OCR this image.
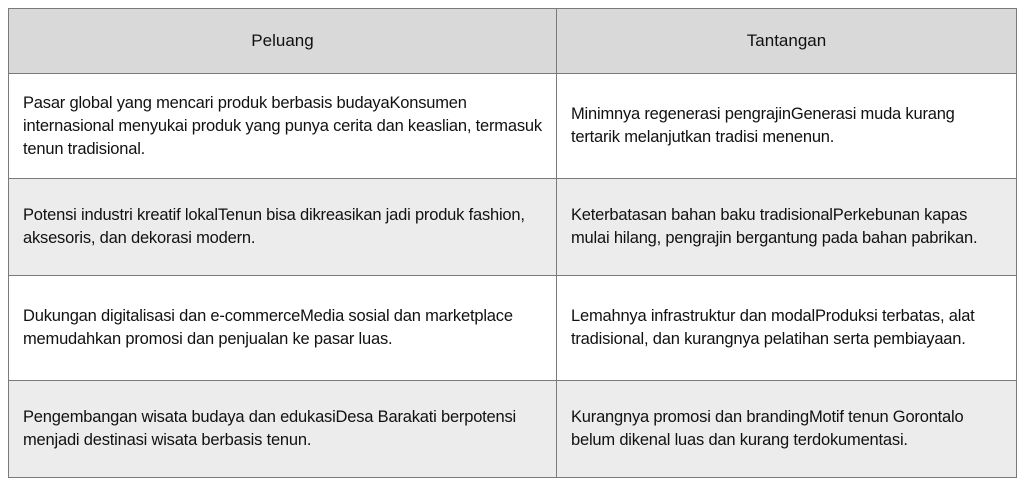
Peluang	Tantangan
Pasar global yang mencari produk berbasis budayaKonsumen internasional menyukai produk yang punya cerita dan keaslian, termasuk tenun tradisional.	Minimnya regenerasi pengrajinGenerasi muda kurang tertarik melanjutkan tradisi menenun.
Potensi industri kreatif lokalTenun bisa dikreasikan jadi produk fashion, aksesoris, dan dekorasi modern.	Keterbatasan bahan baku tradisionalPerkebunan kapas mulai hilang, pengrajin bergantung pada bahan pabrikan.
Dukungan digitalisasi dan e-commerceMedia sosial dan marketplace memudahkan promosi dan penjualan ke pasar luas.	Lemahnya infrastruktur dan modalProduksi terbatas, alat tradisional, dan kurangnya pelatihan serta pembiayaan.
Pengembangan wisata budaya dan edukasiDesa Barakati berpotensi menjadi destinasi wisata berbasis tenun.	Kurangnya promosi dan brandingMotif tenun Gorontalo belum dikenal luas dan kurang terdokumentasi.
